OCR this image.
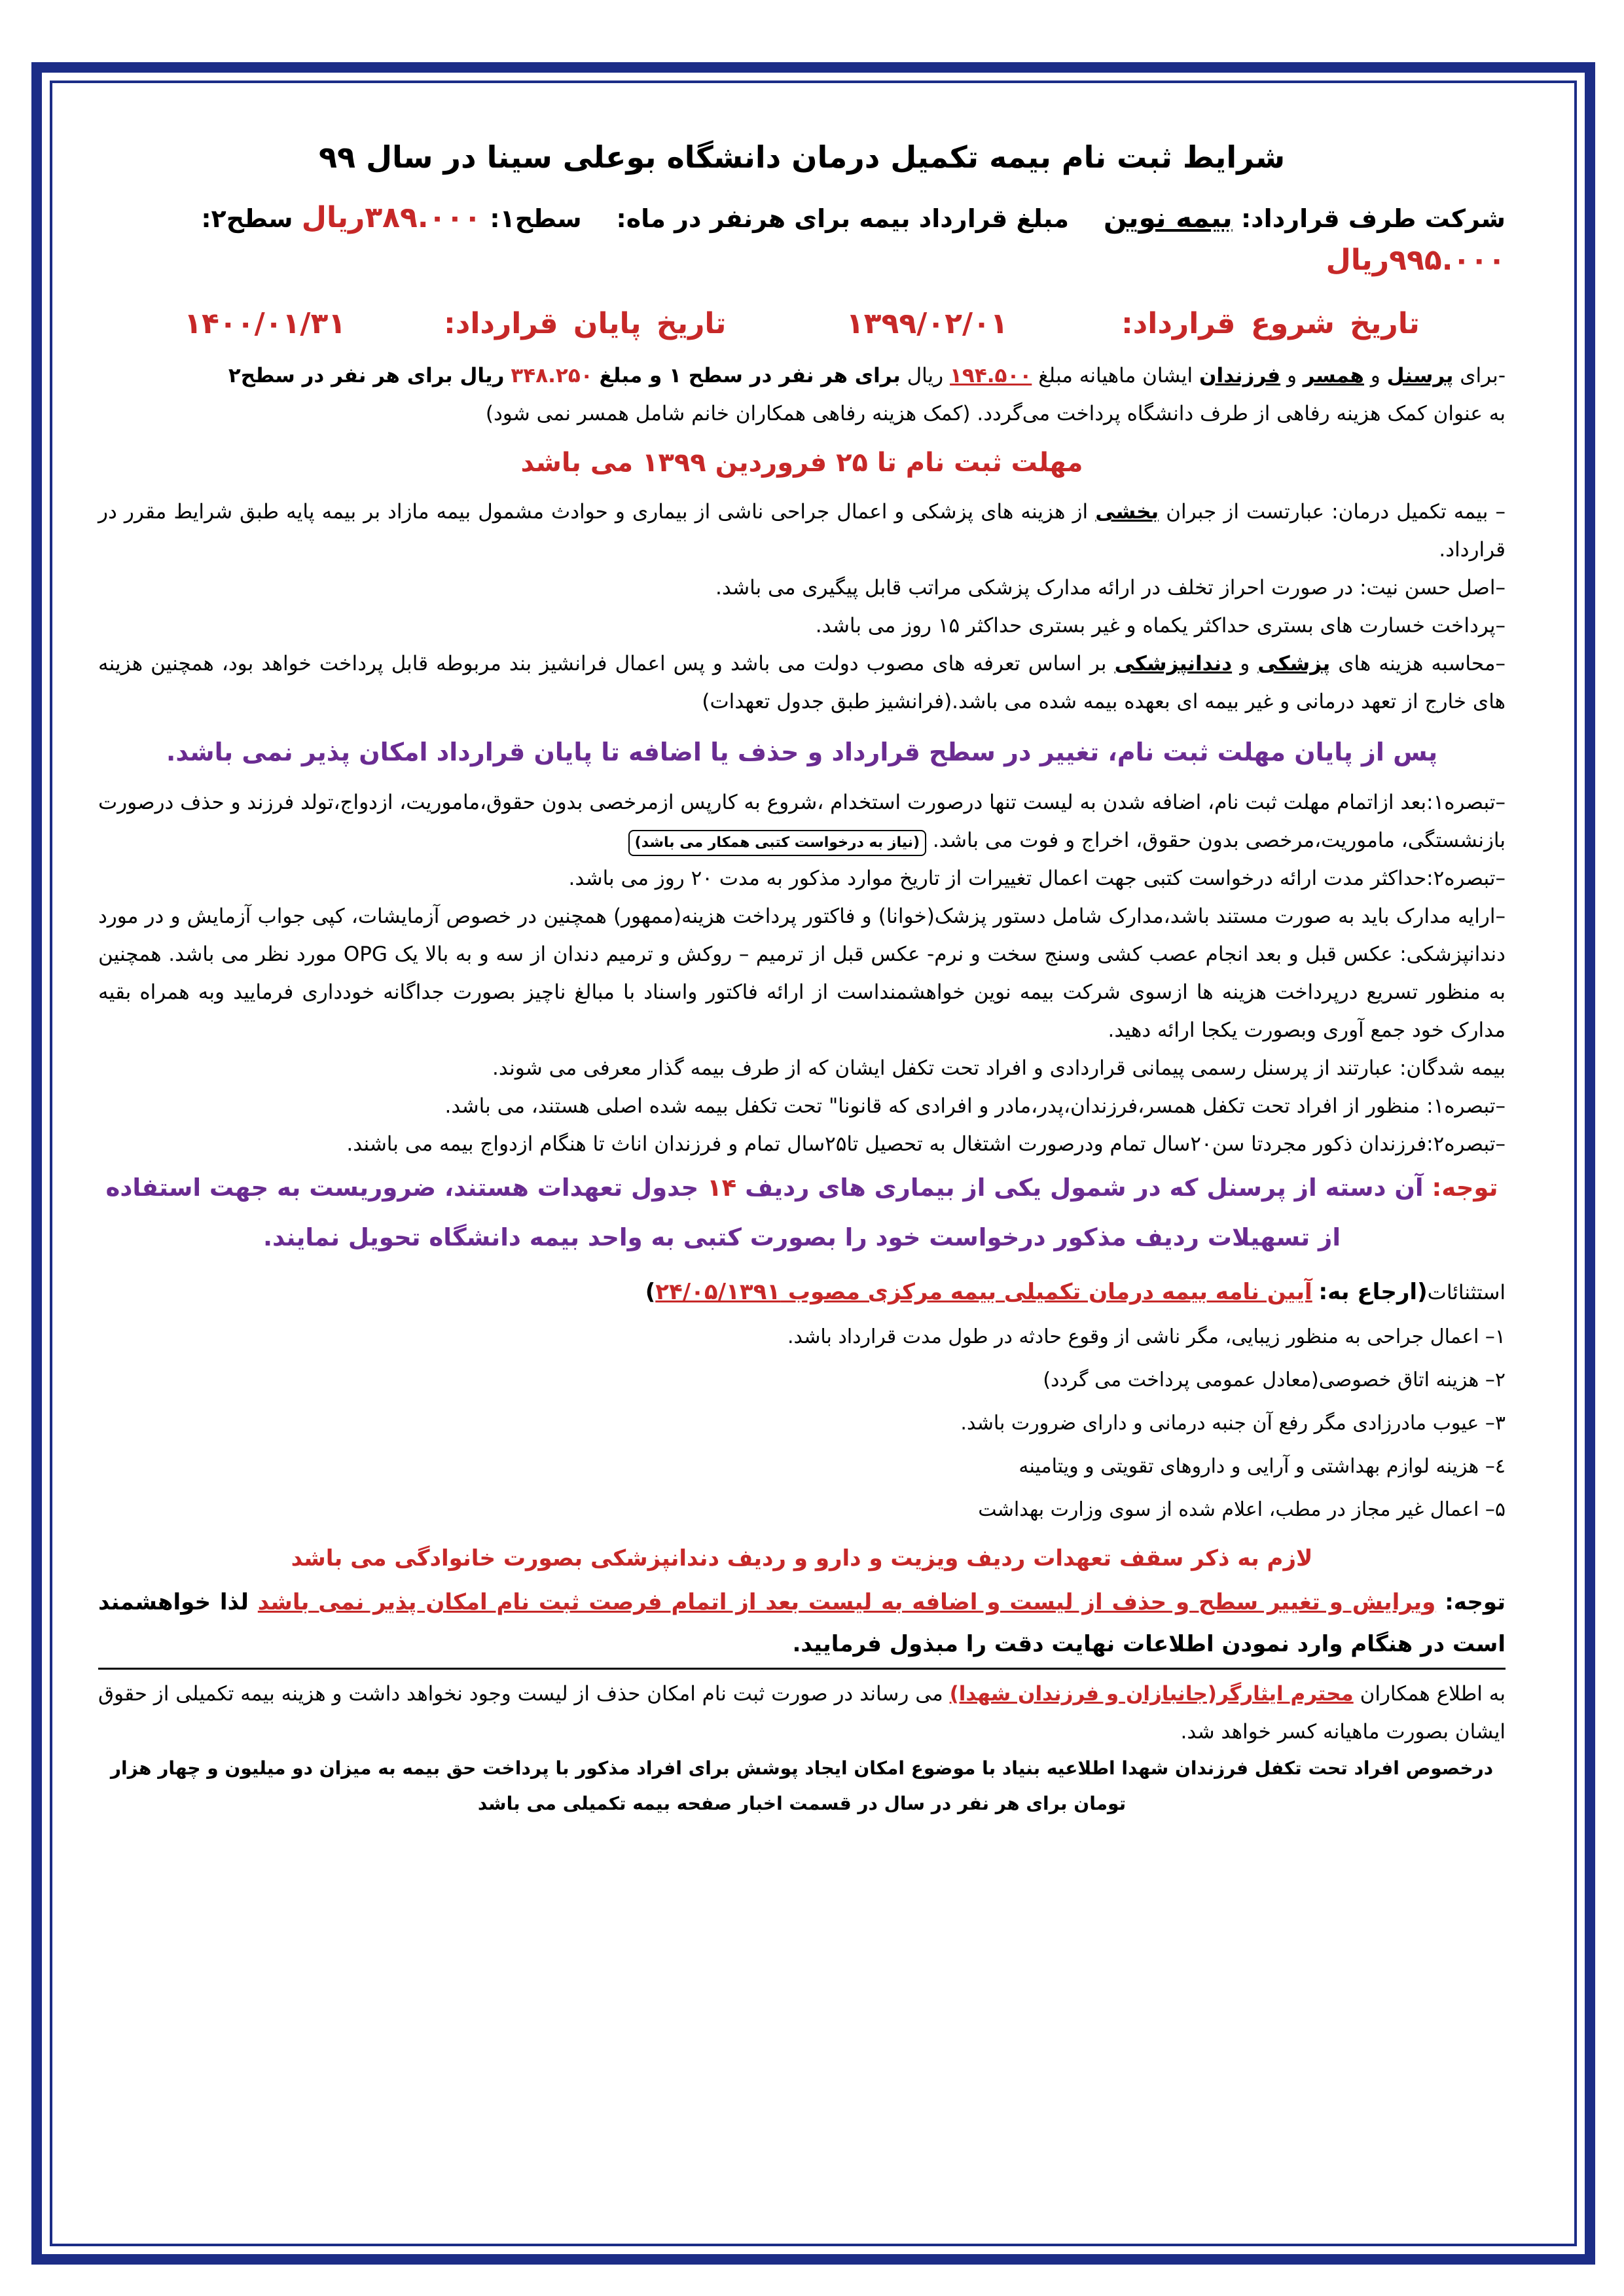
شرایط ثبت نام بیمه تکمیل درمان دانشگاه بوعلی سینا در سال ۹۹
شرکت طرف قرارداد: بیمه نوین    مبلغ قرارداد بیمه برای هرنفر در ماه:    سطح۱: ۳۸۹.۰۰۰ریال سطح۲: ۹۹۵.۰۰۰ریال
تاریخ شروع قرارداد:    ۱۳۹۹/۰۲/۰۱ تاریخ پایان قرارداد:   ۱۴۰۰/۰۱/۳۱

-برای پرسنل و همسر و فرزندان ایشان ماهیانه مبلغ ۱۹۴.۵۰۰ ریال برای هر نفر در سطح ۱ و مبلغ ۳۴۸.۲۵۰ ریال برای هر نفر در سطح۲
به عنوان کمک هزینه رفاهی از طرف دانشگاه پرداخت می‌گردد. (کمک هزینه رفاهی همکاران خانم شامل همسر نمی شود)

مهلت ثبت نام تا ۲۵ فروردین ۱۳۹۹ می باشد

– بیمه تکمیل درمان: عبارتست از جبران بخشی از هزینه های پزشکی و اعمال جراحی ناشی از بیماری و حوادث مشمول بیمه مازاد بر بیمه پایه طبق شرایط مقرر در قرارداد.

–اصل حسن نیت: در صورت احراز تخلف در ارائه مدارک پزشکی مراتب قابل پیگیری می باشد.

–پرداخت خسارت های بستری حداکثر یکماه و غیر بستری حداکثر ۱۵ روز می باشد.

–محاسبه هزینه های پزشکی و دندانپزشکی بر اساس تعرفه های مصوب دولت می باشد و پس اعمال فرانشیز بند مربوطه قابل پرداخت خواهد بود، همچنین هزینه های خارج از تعهد درمانی و غیر بیمه ای بعهده بیمه شده می باشد.(فرانشیز طبق جدول تعهدات)

پس از پایان مهلت ثبت نام، تغییر در سطح قرارداد و حذف یا اضافه تا پایان قرارداد امکان پذیر نمی باشد.

–تبصره۱:بعد ازاتمام مهلت ثبت نام، اضافه شدن به لیست تنها درصورت استخدام ،شروع به کارپس ازمرخصی بدون حقوق،ماموریت، ازدواج،تولد فرزند و حذف درصورت بازنشستگی، ماموریت،مرخصی بدون حقوق، اخراج و فوت می باشد. (نیاز به درخواست کتبی همکار می باشد)

–تبصره۲:حداکثر مدت ارائه درخواست کتبی جهت اعمال تغییرات از تاریخ موارد مذکور به مدت ۲۰ روز می باشد.

–ارایه مدارک باید به صورت مستند باشد،مدارک شامل دستور پزشک(خوانا) و فاکتور پرداخت هزینه(ممهور) همچنین در خصوص آزمایشات، کپی جواب آزمایش و در مورد دندانپزشکی: عکس قبل و بعد انجام عصب کشی وسنج سخت و نرم- عکس قبل از ترمیم – روکش و ترمیم دندان از سه و به بالا یک OPG مورد نظر می باشد. همچنین به منظور تسریع درپرداخت هزینه ها ازسوی شرکت بیمه نوین خواهشمنداست از ارائه فاکتور واسناد با مبالغ ناچیز بصورت جداگانه خودداری فرمایید وبه همراه بقیه مدارک خود جمع آوری وبصورت یکجا ارائه دهید.

بیمه شدگان: عبارتند از پرسنل رسمی پیمانی قراردادی و افراد تحت تکفل ایشان که از طرف بیمه گذار معرفی می شوند.

–تبصره۱: منظور از افراد تحت تکفل همسر،فرزندان،پدر،مادر و افرادی که قانونا" تحت تکفل بیمه شده اصلی هستند، می باشد.

–تبصره۲:فرزندان ذکور مجردتا سن۲۰سال تمام ودرصورت اشتغال به تحصیل تا۲۵سال تمام و فرزندان اناث تا هنگام ازدواج بیمه می باشند.

توجه: آن دسته از پرسنل که در شمول یکی از بیماری های ردیف ۱۴ جدول تعهدات هستند، ضروریست به جهت استفاده از تسهیلات ردیف مذکور درخواست خود را بصورت کتبی به واحد بیمه دانشگاه تحویل نمایند.
استثنائات(ارجاع به: آیین نامه بیمه درمان تکمیلی بیمه مرکزی مصوب ۲۴/۰۵/۱۳۹۱)
۱– اعمال جراحی به منظور زیبایی، مگر ناشی از وقوع حادثه در طول مدت قرارداد باشد.
۲– هزینه اتاق خصوصی(معادل عمومی پرداخت می گردد)
۳– عیوب مادرزادی مگر رفع آن جنبه درمانی و دارای ضرورت باشد.
٤– هزینه لوازم بهداشتی و آرایی و داروهای تقویتی و ویتامینه
۵– اعمال غیر مجاز در مطب، اعلام شده از سوی وزارت بهداشت
لازم به ذکر سقف تعهدات ردیف ویزیت و دارو و ردیف دندانپزشکی بصورت خانوادگی می باشد
توجه: ویرایش و تغییر سطح و حذف از لیست و اضافه به لیست بعد از اتمام فرصت ثبت نام امکان پذیر نمی باشد لذا خواهشمند است در هنگام وارد نمودن اطلاعات نهایت دقت را مبذول فرمایید.

به اطلاع همکاران محترم ایثارگر(جانبازان و فرزندان شهدا) می رساند در صورت ثبت نام امکان حذف از لیست وجود نخواهد داشت و هزینه بیمه تکمیلی از حقوق ایشان بصورت ماهیانه کسر خواهد شد.

درخصوص افراد تحت تکفل فرزندان شهدا اطلاعیه بنیاد با موضوع امکان ایجاد پوشش برای افراد مذکور با پرداخت حق بیمه به میزان دو میلیون و چهار هزار تومان برای هر نفر در سال در قسمت اخبار صفحه بیمه تکمیلی می باشد
